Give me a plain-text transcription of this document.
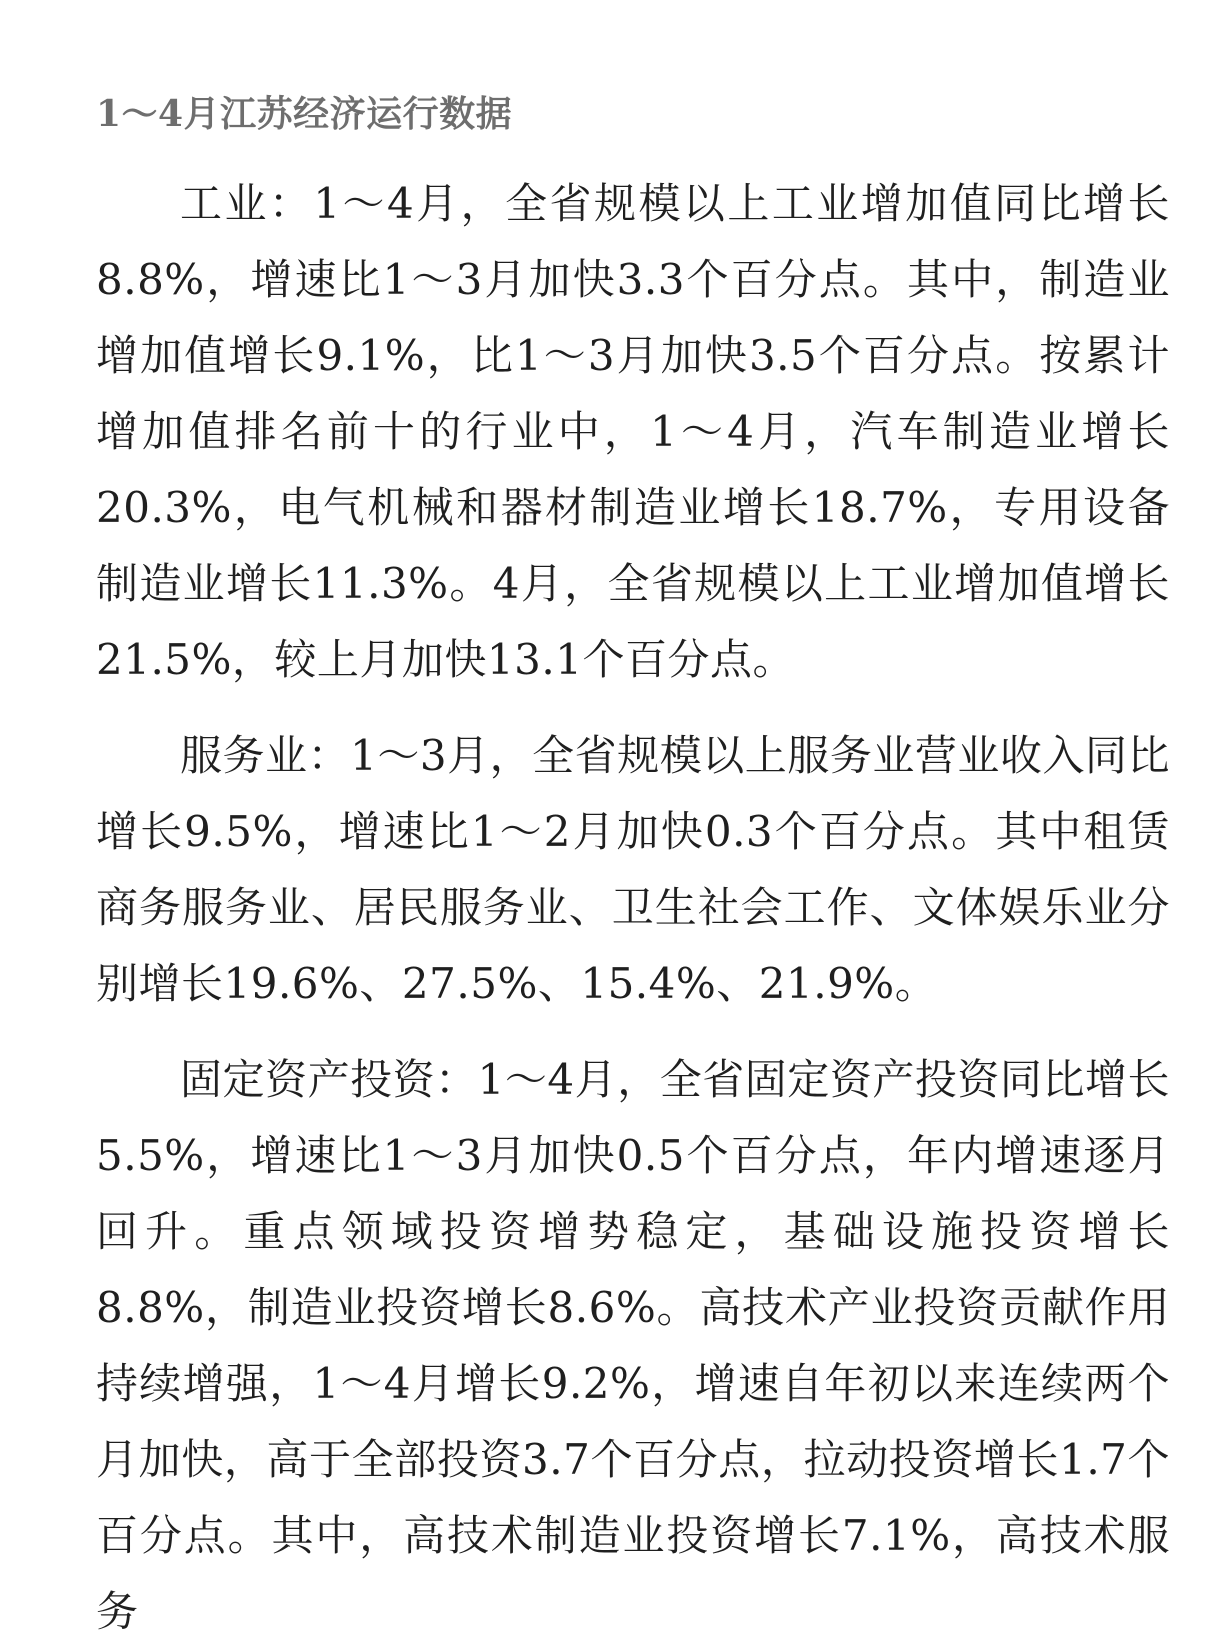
1～4月江苏经济运行数据

工业：1～4月，全省规模以上工业增加值同比增长8.8%，增速比1～3月加快3.3个百分点。其中，制造业增加值增长9.1%，比1～3月加快3.5个百分点。按累计增加值排名前十的行业中，1～4月，汽车制造业增长20.3%，电气机械和器材制造业增长18.7%，专用设备制造业增长11.3%。4月，全省规模以上工业增加值增长21.5%，较上月加快13.1个百分点。

服务业：1～3月，全省规模以上服务业营业收入同比增长9.5%，增速比1～2月加快0.3个百分点。其中租赁商务服务业、居民服务业、卫生社会工作、文体娱乐业分别增长19.6%、27.5%、15.4%、21.9%。

固定资产投资：1～4月，全省固定资产投资同比增长5.5%，增速比1～3月加快0.5个百分点，年内增速逐月回升。重点领域投资增势稳定，基础设施投资增长8.8%，制造业投资增长8.6%。高技术产业投资贡献作用持续增强，1～4月增长9.2%，增速自年初以来连续两个月加快，高于全部投资3.7个百分点，拉动投资增长1.7个百分点。其中，高技术制造业投资增长7.1%，高技术服务
